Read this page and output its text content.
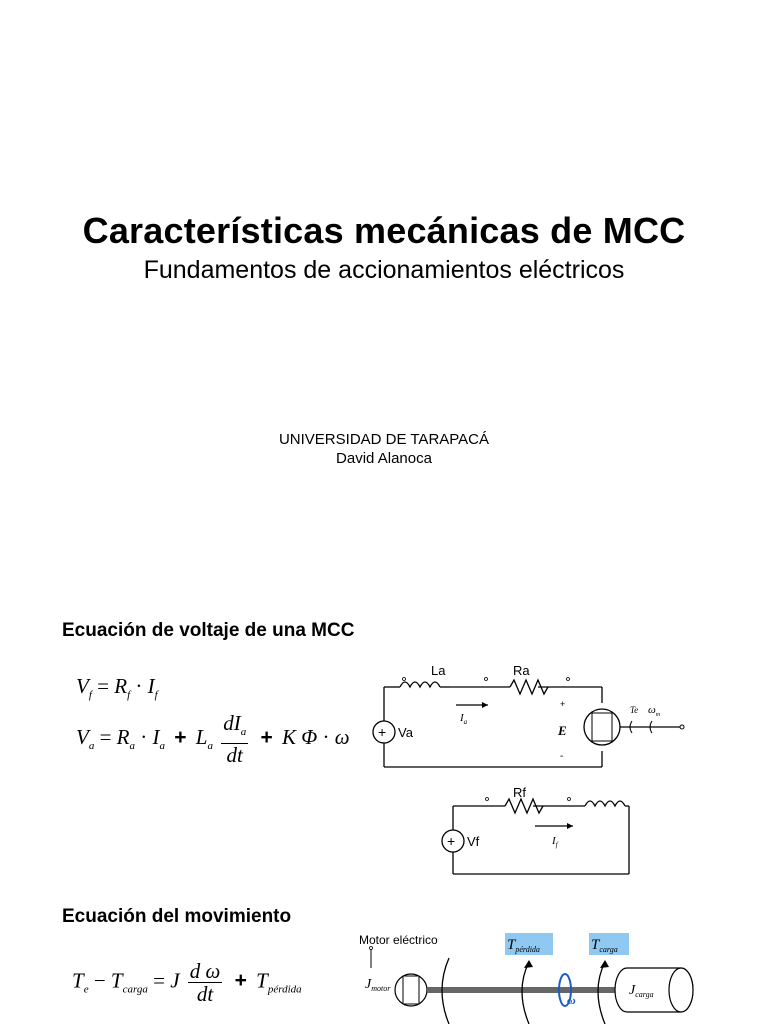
Características mecánicas de MCC
Fundamentos de accionamientos eléctricos
UNIVERSIDAD DE TARAPACÁ
David Alanoca
Ecuación de voltaje de una MCC
$V_f = R_f \cdot I_f$
$V_a = R_a \cdot I_a + L_a \frac{dI_a}{dt} + K$ Φ · ω
La	Ra
Va
+
$I_a$
E
+
-
Te $\omega_m$
Rf
Vf
+	$I_f$
Ecuación del movimiento
$T_e - T_{carga} = J \frac{\text{d ω}}{dt} + T_{pérdida}$
Motor eléctrico
$J_{motor}$
$T_{pérdida}$
ω
$T_{carga}$
$J_{carga}$
